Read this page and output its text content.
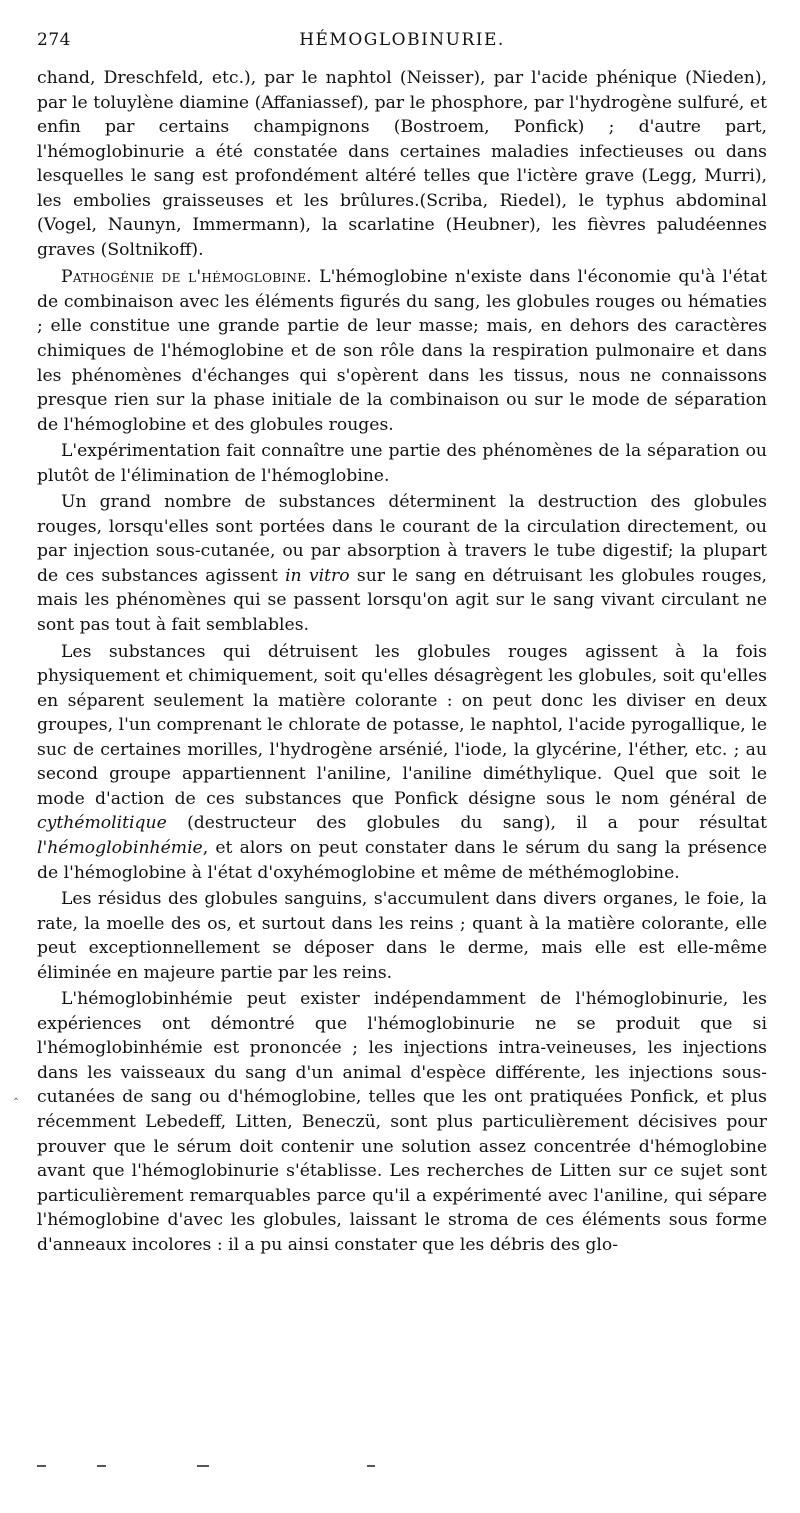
274	HÉMOGLOBINURIE.

chand, Dreschfeld, etc.), par le naphtol (Neisser), par l'acide phénique (Nieden), par le toluylène diamine (Affaniassef), par le phosphore, par l'hydrogène sulfuré, et enfin par certains champignons (Bostroem, Ponfick) ; d'autre part, l'hémoglobinurie a été constatée dans certaines maladies infectieuses ou dans lesquelles le sang est profondément altéré telles que l'ictère grave (Legg, Murri), les embolies graisseuses et les brûlures.(Scriba, Riedel), le typhus abdominal (Vogel, Naunyn, Immermann), la scarlatine (Heubner), les fièvres paludéennes graves (Soltnikoff).

Pathogénie de l'hémoglobine. L'hémoglobine n'existe dans l'économie qu'à l'état de combinaison avec les éléments figurés du sang, les globules rouges ou hématies ; elle constitue une grande partie de leur masse; mais, en dehors des caractères chimiques de l'hémoglobine et de son rôle dans la respiration pulmonaire et dans les phénomènes d'échanges qui s'opèrent dans les tissus, nous ne connaissons presque rien sur la phase initiale de la combinaison ou sur le mode de séparation de l'hémoglobine et des globules rouges.

L'expérimentation fait connaître une partie des phénomènes de la séparation ou plutôt de l'élimination de l'hémoglobine.

Un grand nombre de substances déterminent la destruction des globules rouges, lorsqu'elles sont portées dans le courant de la circulation directement, ou par injection sous-cutanée, ou par absorption à travers le tube digestif; la plupart de ces substances agissent in vitro sur le sang en détruisant les globules rouges, mais les phénomènes qui se passent lorsqu'on agit sur le sang vivant circulant ne sont pas tout à fait semblables.

Les substances qui détruisent les globules rouges agissent à la fois physiquement et chimiquement, soit qu'elles désagrègent les globules, soit qu'elles en séparent seulement la matière colorante : on peut donc les diviser en deux groupes, l'un comprenant le chlorate de potasse, le naphtol, l'acide pyrogallique, le suc de certaines morilles, l'hydrogène arsénié, l'iode, la glycérine, l'éther, etc. ; au second groupe appartiennent l'aniline, l'aniline diméthylique. Quel que soit le mode d'action de ces substances que Ponfick désigne sous le nom général de cythémolitique (destructeur des globules du sang), il a pour résultat l'hémoglobinhémie, et alors on peut constater dans le sérum du sang la présence de l'hémoglobine à l'état d'oxyhémoglobine et même de méthémoglobine.

Les résidus des globules sanguins, s'accumulent dans divers organes, le foie, la rate, la moelle des os, et surtout dans les reins ; quant à la matière colorante, elle peut exceptionnellement se déposer dans le derme, mais elle est elle-même éliminée en majeure partie par les reins.

L'hémoglobinhémie peut exister indépendamment de l'hémoglobinurie, les expériences ont démontré que l'hémoglobinurie ne se produit que si l'hémoglobinhémie est prononcée ; les injections intra-veineuses, les injections dans les vaisseaux du sang d'un animal d'espèce différente, les injections sous-cutanées de sang ou d'hémoglobine, telles que les ont pratiquées Ponfick, et plus récemment Lebedeff, Litten, Beneczü, sont plus particulièrement décisives pour prouver que le sérum doit contenir une solution assez concentrée d'hémoglobine avant que l'hémoglobinurie s'établisse. Les recherches de Litten sur ce sujet sont particulièrement remarquables parce qu'il a expérimenté avec l'aniline, qui sépare l'hémoglobine d'avec les globules, laissant le stroma de ces éléments sous forme d'anneaux incolores : il a pu ainsi constater que les débris des glo-

‸
